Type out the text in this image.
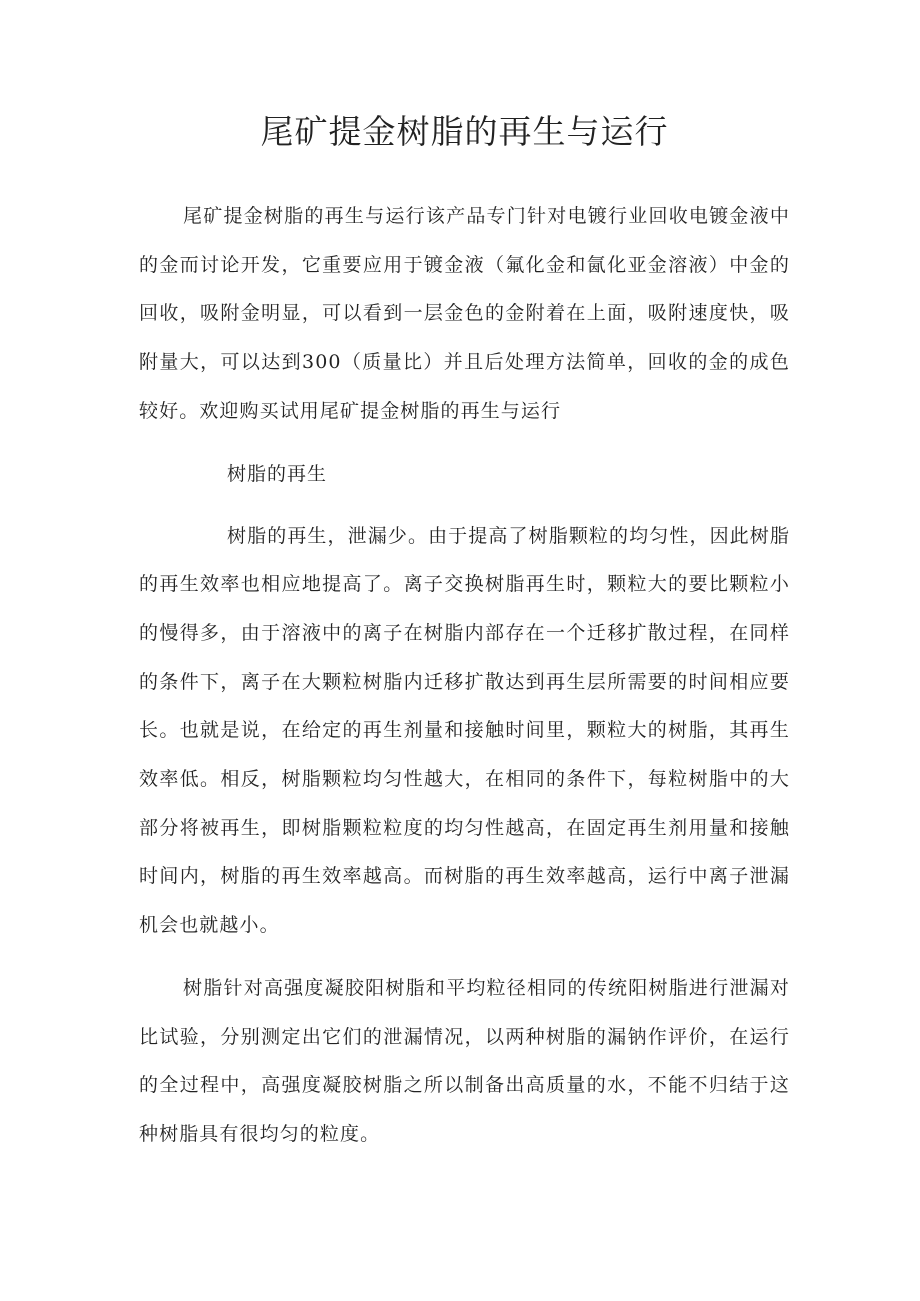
尾矿提金树脂的再生与运行

尾矿提金树脂的再生与运行该产品专门针对电镀行业回收电镀金液中的金而讨论开发，它重要应用于镀金液（氟化金和氤化亚金溶液）中金的回收，吸附金明显，可以看到一层金色的金附着在上面，吸附速度快，吸附量大，可以达到300（质量比）并且后处理方法简单，回收的金的成色较好。欢迎购买试用尾矿提金树脂的再生与运行

树脂的再生

树脂的再生，泄漏少。由于提高了树脂颗粒的均匀性，因此树脂的再生效率也相应地提高了。离子交换树脂再生时，颗粒大的要比颗粒小的慢得多，由于溶液中的离子在树脂内部存在一个迁移扩散过程，在同样的条件下，离子在大颗粒树脂内迁移扩散达到再生层所需要的时间相应要长。也就是说，在给定的再生剂量和接触时间里，颗粒大的树脂，其再生效率低。相反，树脂颗粒均匀性越大，在相同的条件下，每粒树脂中的大部分将被再生，即树脂颗粒粒度的均匀性越高，在固定再生剂用量和接触时间内，树脂的再生效率越高。而树脂的再生效率越高，运行中离子泄漏机会也就越小。

树脂针对高强度凝胶阳树脂和平均粒径相同的传统阳树脂进行泄漏对比试验，分别测定出它们的泄漏情况，以两种树脂的漏钠作评价，在运行的全过程中，高强度凝胶树脂之所以制备出高质量的水，不能不归结于这种树脂具有很均匀的粒度。
